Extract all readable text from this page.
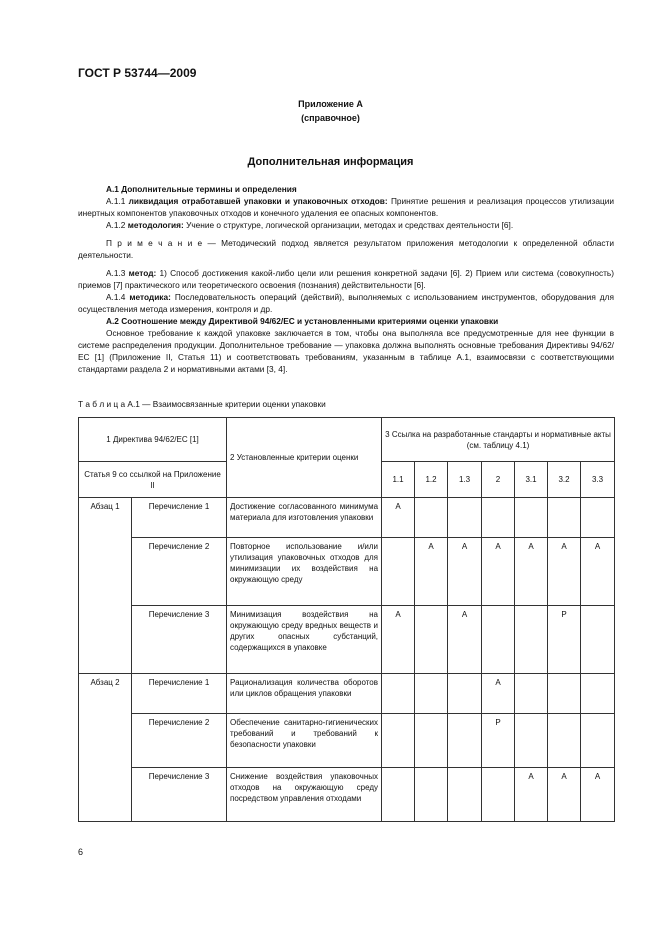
ГОСТ Р 53744—2009
Приложение А
(справочное)
Дополнительная информация

А.1 Дополнительные термины и определения

А.1.1 ликвидация отработавшей упаковки и упаковочных отходов: Принятие решения и реализация процессов утилизации инертных компонентов упаковочных отходов и конечного удаления ее опасных компонентов.

А.1.2 методология: Учение о структуре, логической организации, методах и средствах деятельности [6].

П р и м е ч а н и е — Методический подход является результатом приложения методологии к определенной области деятельности.

А.1.3 метод: 1) Способ достижения какой-либо цели или решения конкретной задачи [6]. 2) Прием или система (совокупность) приемов [7] практического или теоретического освоения (познания) действительности [6].

А.1.4 методика: Последовательность операций (действий), выполняемых с использованием инструментов, оборудования для осуществления метода измерения, контроля и др.

А.2 Соотношение между Директивой 94/62/ЕС и установленными критериями оценки упаковки

Основное требование к каждой упаковке заключается в том, чтобы она выполняла все предусмотренные для нее функции в системе распределения продукции. Дополнительное требование — упаковка должна выполнять основные требования Директивы 94/62/ЕС [1] (Приложение II, Статья 11) и соответствовать требованиям, указанным в таблице А.1, взаимосвязи с соответствующими стандартами раздела 2 и нормативными актами [3, 4].

Т а б л и ц а А.1 — Взаимосвязанные критерии оценки упаковки
1 Директива 94/62/ЕС [1]		2 Установленные критерии оценки	3 Ссылка на разработанные стандарты и нормативные акты (см. таблицу 4.1)						
Статья 9 со ссылкой на Приложение II			1.1	1.2	1.3	2	3.1	3.2	3.3
Абзац 1	Перечисление 1	Достижение согласованного минимума материала для изготовления упаковки	А						
	Перечисление 2	Повторное использование и/или утилизация упаковочных отходов для минимизации их воздействия на окружающую среду		А	А	А	А	А	А
	Перечисление 3	Минимизация воздействия на окружающую среду вредных веществ и других опасных субстанций, содержащихся в упаковке	А		А			Р	
Абзац 2	Перечисление 1	Рационализация количества оборотов или циклов обращения упаковки				А			
	Перечисление 2	Обеспечение санитарно-гигиенических требований и требований к безопасности упаковки				Р			
	Перечисление 3	Снижение воздействия упаковочных отходов на окружающую среду посредством управления отходами					А	А	А
6
